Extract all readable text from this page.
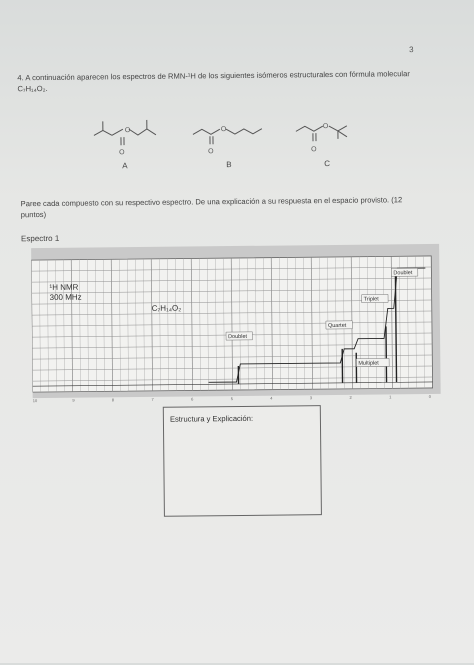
3
4. A continuación aparecen los espectros de RMN-¹H de los siguientes isómeros estructurales con fórmula molecular C₇H₁₄O₂.
O
O
A
O
O
B
O
O
C
Paree cada compuesto con su respectivo espectro. De una explicación a su respuesta en el espacio provisto. (12 puntos)
Espectro 1
¹H NMR
300 MHz
C₇H₁₄O₂
Doublet
Quartet
Multiplet
Triplet
Doublet
10	9	8	7	6	5	4	3	2	1	0
Estructura y Explicación:
